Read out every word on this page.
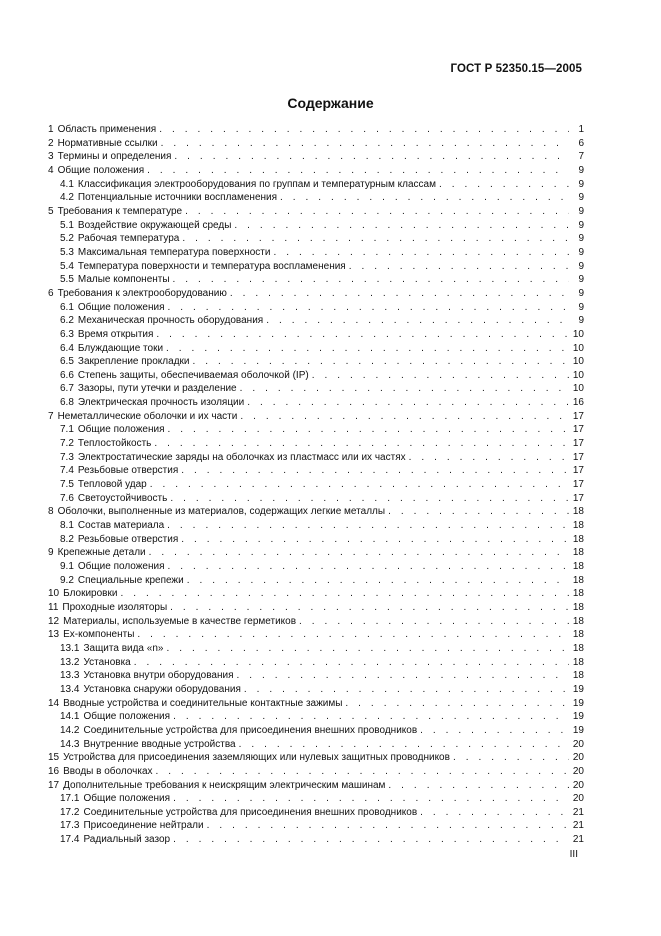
ГОСТ Р 52350.15—2005
Содержание
1 Область применения . . .	1
2 Нормативные ссылки . . .	6
3 Термины и определения . . .	7
4 Общие положения . . .	9
4.1 Классификация электрооборудования по группам и температурным классам . . .	9
4.2 Потенциальные источники воспламенения . . .	9
5 Требования к температуре . . .	9
5.1 Воздействие окружающей среды . . .	9
5.2 Рабочая температура . . .	9
5.3 Максимальная температура поверхности . . .	9
5.4 Температура поверхности и температура воспламенения . . .	9
5.5 Малые компоненты . . .	9
6 Требования к электрооборудованию . . .	9
6.1 Общие положения . . .	9
6.2 Механическая прочность оборудования . . .	9
6.3 Время открытия . . .	10
6.4 Блуждающие токи . . .	10
6.5 Закрепление прокладки . . .	10
6.6 Степень защиты, обеспечиваемая оболочкой (IP) . . .	10
6.7 Зазоры, пути утечки и разделение . . .	10
6.8 Электрическая прочность изоляции . . .	16
7 Неметаллические оболочки и их части . . .	17
7.1 Общие положения . . .	17
7.2 Теплостойкость . . .	17
7.3 Электростатические заряды на оболочках из пластмасс или их частях . . .	17
7.4 Резьбовые отверстия . . .	17
7.5 Тепловой удар . . .	17
7.6 Светоустойчивость . . .	17
8 Оболочки, выполненные из материалов, содержащих легкие металлы . . .	18
8.1 Состав материала . . .	18
8.2 Резьбовые отверстия . . .	18
9 Крепежные детали . . .	18
9.1 Общие положения . . .	18
9.2 Специальные крепежи . . .	18
10 Блокировки . . .	18
11 Проходные изоляторы . . .	18
12 Материалы, используемые в качестве герметиков . . .	18
13 Ex-компоненты . . .	18
13.1 Защита вида «n» . . .	18
13.2 Установка . . .	18
13.3 Установка внутри оборудования . . .	18
13.4 Установка снаружи оборудования . . .	19
14 Вводные устройства и соединительные контактные зажимы . . .	19
14.1 Общие положения . . .	19
14.2 Соединительные устройства для присоединения внешних проводников . . .	19
14.3 Внутренние вводные устройства . . .	20
15 Устройства для присоединения заземляющих или нулевых защитных проводников . . .	20
16 Вводы в оболочках . . .	20
17 Дополнительные требования к неискрящим электрическим машинам . . .	20
17.1 Общие положения . . .	20
17.2 Соединительные устройства для присоединения внешних проводников . . .	21
17.3 Присоединение нейтрали . . .	21
17.4 Радиальный зазор . . .	21
III
